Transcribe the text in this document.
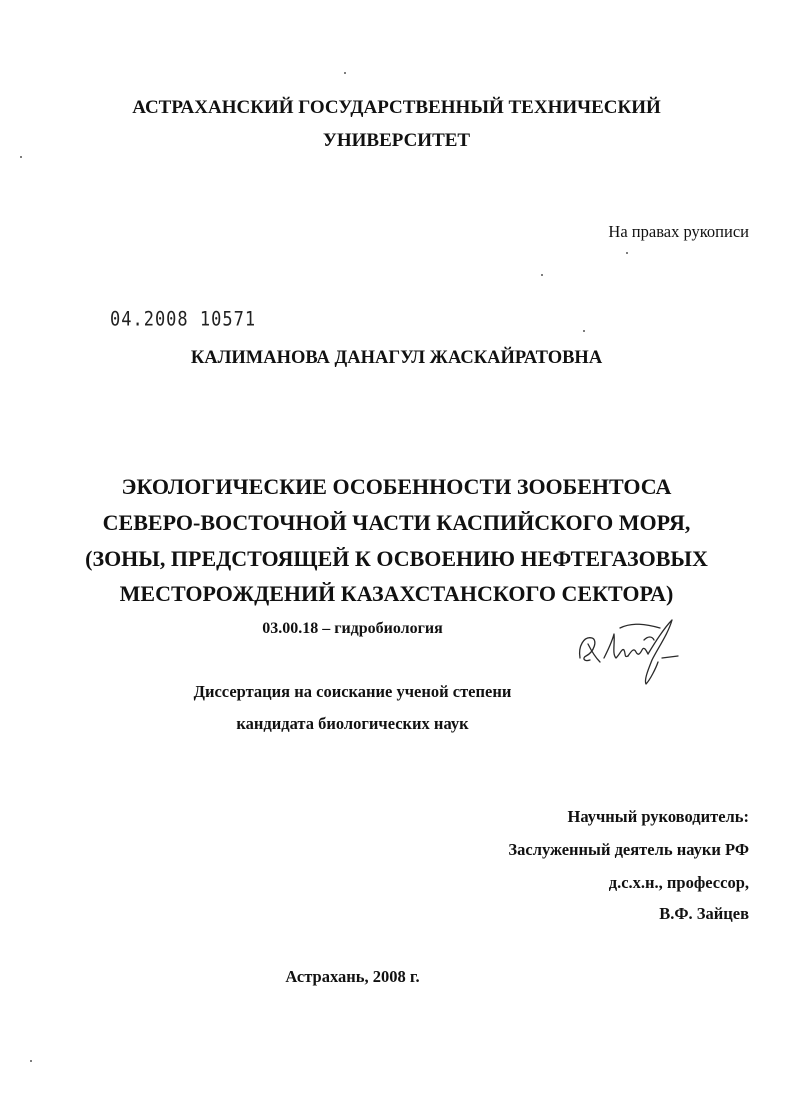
АСТРАХАНСКИЙ ГОСУДАРСТВЕННЫЙ ТЕХНИЧЕСКИЙ
УНИВЕРСИТЕТ
На правах рукописи
04.2008 10571
КАЛИМАНОВА ДАНАГУЛ ЖАСКАЙРАТОВНА
ЭКОЛОГИЧЕСКИЕ ОСОБЕННОСТИ ЗООБЕНТОСА
СЕВЕРО-ВОСТОЧНОЙ ЧАСТИ КАСПИЙСКОГО МОРЯ,
(ЗОНЫ, ПРЕДСТОЯЩЕЙ К ОСВОЕНИЮ НЕФТЕГАЗОВЫХ
МЕСТОРОЖДЕНИЙ КАЗАХСТАНСКОГО СЕКТОРА)
03.00.18 – гидробиология
Диссертация на соискание ученой степени
кандидата биологических наук
Научный руководитель:
Заслуженный деятель науки РФ
д.с.х.н., профессор,
В.Ф. Зайцев
Астрахань, 2008 г.
